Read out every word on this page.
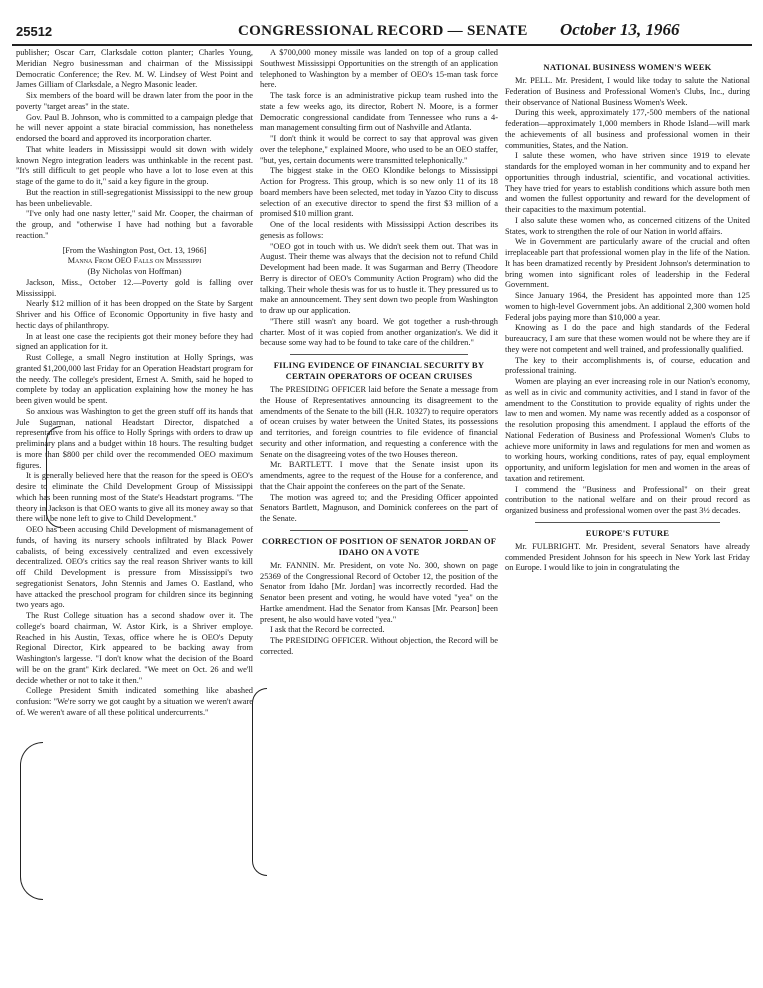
25512	CONGRESSIONAL RECORD — SENATE October 13, 1966

publisher; Oscar Carr, Clarksdale cotton planter; Charles Young, Meridian Negro businessman and chairman of the Mississippi Democratic Conference; the Rev. M. W. Lindsey of West Point and James Gilliam of Clarksdale, a Negro Masonic leader.

Six members of the board will be drawn later from the poor in the poverty "target areas" in the state.

Gov. Paul B. Johnson, who is committed to a campaign pledge that he will never appoint a state biracial commission, has nonetheless endorsed the board and approved its incorporation charter.

That white leaders in Mississippi would sit down with widely known Negro integration leaders was unthinkable in the recent past. "It's still difficult to get people who have a lot to lose even at this stage of the game to do it," said a key figure in the group.

But the reaction in still-segregationist Mississippi to the new group has been unbelievable.

"I've only had one nasty letter," said Mr. Cooper, the chairman of the group, and "otherwise I have had nothing but a favorable reaction."

[From the Washington Post, Oct. 13, 1966]

Manna From OEO Falls on Mississippi

(By Nicholas von Hoffman)

Jackson, Miss., October 12.—Poverty gold is falling over Mississippi.

Nearly $12 million of it has been dropped on the State by Sargent Shriver and his Office of Economic Opportunity in five hasty and hectic days of philanthropy.

In at least one case the recipients got their money before they had signed an application for it.

Rust College, a small Negro institution at Holly Springs, was granted $1,200,000 last Friday for an Operation Headstart program for the needy. The college's president, Ernest A. Smith, said he hoped to complete by today an application explaining how the money he has been given would be spent.

So anxious was Washington to get the green stuff off its hands that Jule Sugarman, national Headstart Director, dispatched a representative from his office to Holly Springs with orders to draw up preliminary plans and a budget within 18 hours. The resulting budget is more than $800 per child over the recommended OEO maximum figures.

It is generally believed here that the reason for the speed is OEO's desire to eliminate the Child Development Group of Mississippi which has been running most of the State's Headstart programs. "The theory in Jackson is that OEO wants to give all its money away so that there will be none left to give to Child Development."

OEO has been accusing Child Development of mismanagement of funds, of having its nursery schools infiltrated by Black Power cabalists, of being excessively centralized and even excessively decentralized. OEO's critics say the real reason Shriver wants to kill off Child Development is pressure from Mississippi's two segregationist Senators, John Stennis and James O. Eastland, who have attacked the preschool program for children since its beginning two years ago.

The Rust College situation has a second shadow over it. The college's board chairman, W. Astor Kirk, is a Shriver employe. Reached in his Austin, Texas, office where he is OEO's Deputy Regional Director, Kirk appeared to be backing away from Washington's largesse. "I don't know what the decision of the Board will be on the grant" Kirk declared. "We meet on Oct. 26 and we'll decide whether or not to take it then."

College President Smith indicated something like abashed confusion: "We're sorry we got caught by a situation we weren't aware of. We weren't aware of all these political undercurrents."

A $700,000 money missile was landed on top of a group called Southwest Mississippi Opportunities on the strength of an application telephoned to Washington by a member of OEO's 15-man task force here.

The task force is an administrative pickup team rushed into the state a few weeks ago, its director, Robert N. Moore, is a former Democratic congressional candidate from Tennessee who runs a 4-man management consulting firm out of Nashville and Atlanta.

"I don't think it would be correct to say that approval was given over the telephone," explained Moore, who used to be an OEO staffer, "but, yes, certain documents were transmitted telephonically."

The biggest stake in the OEO Klondike belongs to Mississippi Action for Progress. This group, which is so new only 11 of its 18 board members have been selected, met today in Yazoo City to discuss selection of an executive director to spend the first $3 million of a promised $10 million grant.

One of the local residents with Mississippi Action describes its genesis as follows:

"OEO got in touch with us. We didn't seek them out. That was in August. Their theme was always that the decision not to refund Child Development had been made. It was Sugarman and Berry (Theodore Berry is director of OEO's Community Action Program) who did the talking. Their whole thesis was for us to hustle it. They pressured us to make an announcement. They sent down two people from Washington to draw up our application.

"There still wasn't any board. We got together a rush-through charter. Most of it was copied from another organization's. We did it because some way had to be found to take care of the children."

FILING EVIDENCE OF FINANCIAL SECURITY BY CERTAIN OPERATORS OF OCEAN CRUISES

The PRESIDING OFFICER laid before the Senate a message from the House of Representatives announcing its disagreement to the amendments of the Senate to the bill (H.R. 10327) to require operators of ocean cruises by water between the United States, its possessions and territories, and foreign countries to file evidence of financial security and other information, and requesting a conference with the Senate on the disagreeing votes of the two Houses thereon.

Mr. BARTLETT. I move that the Senate insist upon its amendments, agree to the request of the House for a conference, and that the Chair appoint the conferees on the part of the Senate.

The motion was agreed to; and the Presiding Officer appointed Senators Bartlett, Magnuson, and Dominick conferees on the part of the Senate.

CORRECTION OF POSITION OF SENATOR JORDAN OF IDAHO ON A VOTE

Mr. FANNIN. Mr. President, on vote No. 300, shown on page 25369 of the Congressional Record of October 12, the position of the Senator from Idaho [Mr. Jordan] was incorrectly recorded. Had the Senator been present and voting, he would have voted "yea" on the Hartke amendment. Had the Senator from Kansas [Mr. Pearson] been present, he also would have voted "yea."

I ask that the Record be corrected.

The PRESIDING OFFICER. Without objection, the Record will be corrected.

NATIONAL BUSINESS WOMEN'S WEEK

Mr. PELL. Mr. President, I would like today to salute the National Federation of Business and Professional Women's Clubs, Inc., during their observance of National Business Women's Week.

During this week, approximately 177,-500 members of the national federation—approximately 1,000 members in Rhode Island—will mark the achievements of all business and professional women in their communities, States, and the Nation.

I salute these women, who have striven since 1919 to elevate standards for the employed woman in her community and to expand her opportunities through industrial, scientific, and vocational activities. They have tried for years to establish conditions which assure both men and women the fullest opportunity and reward for the development of their capacities to the maximum potential.

I also salute these women who, as concerned citizens of the United States, work to strengthen the role of our Nation in world affairs.

We in Government are particularly aware of the crucial and often irreplaceable part that professional women play in the life of the Nation. It has been dramatized recently by President Johnson's determination to bring women into significant roles of leadership in the Federal Government.

Since January 1964, the President has appointed more than 125 women to high-level Government jobs. An additional 2,300 women hold Federal jobs paying more than $10,000 a year.

Knowing as I do the pace and high standards of the Federal bureaucracy, I am sure that these women would not be where they are if they were not competent and well trained, and professionally qualified.

The key to their accomplishments is, of course, education and professional training.

Women are playing an ever increasing role in our Nation's economy, as well as in civic and community activities, and I stand in favor of the amendment to the Constitution to provide equality of rights under the law to men and women. My name was recently added as a cosponsor of the resolution proposing this amendment. I applaud the efforts of the National Federation of Business and Professional Women's Clubs to achieve more uniformity in laws and regulations for men and women as to working hours, working conditions, rates of pay, equal employment opportunity, and uniform legislation for men and women in the areas of taxation and retirement.

I commend the "Business and Professional" on their great contribution to the national welfare and on their proud record as organized business and professional women over the past 3½ decades.

EUROPE'S FUTURE

Mr. FULBRIGHT. Mr. President, several Senators have already commended President Johnson for his speech in New York last Friday on Europe. I would like to join in congratulating the
